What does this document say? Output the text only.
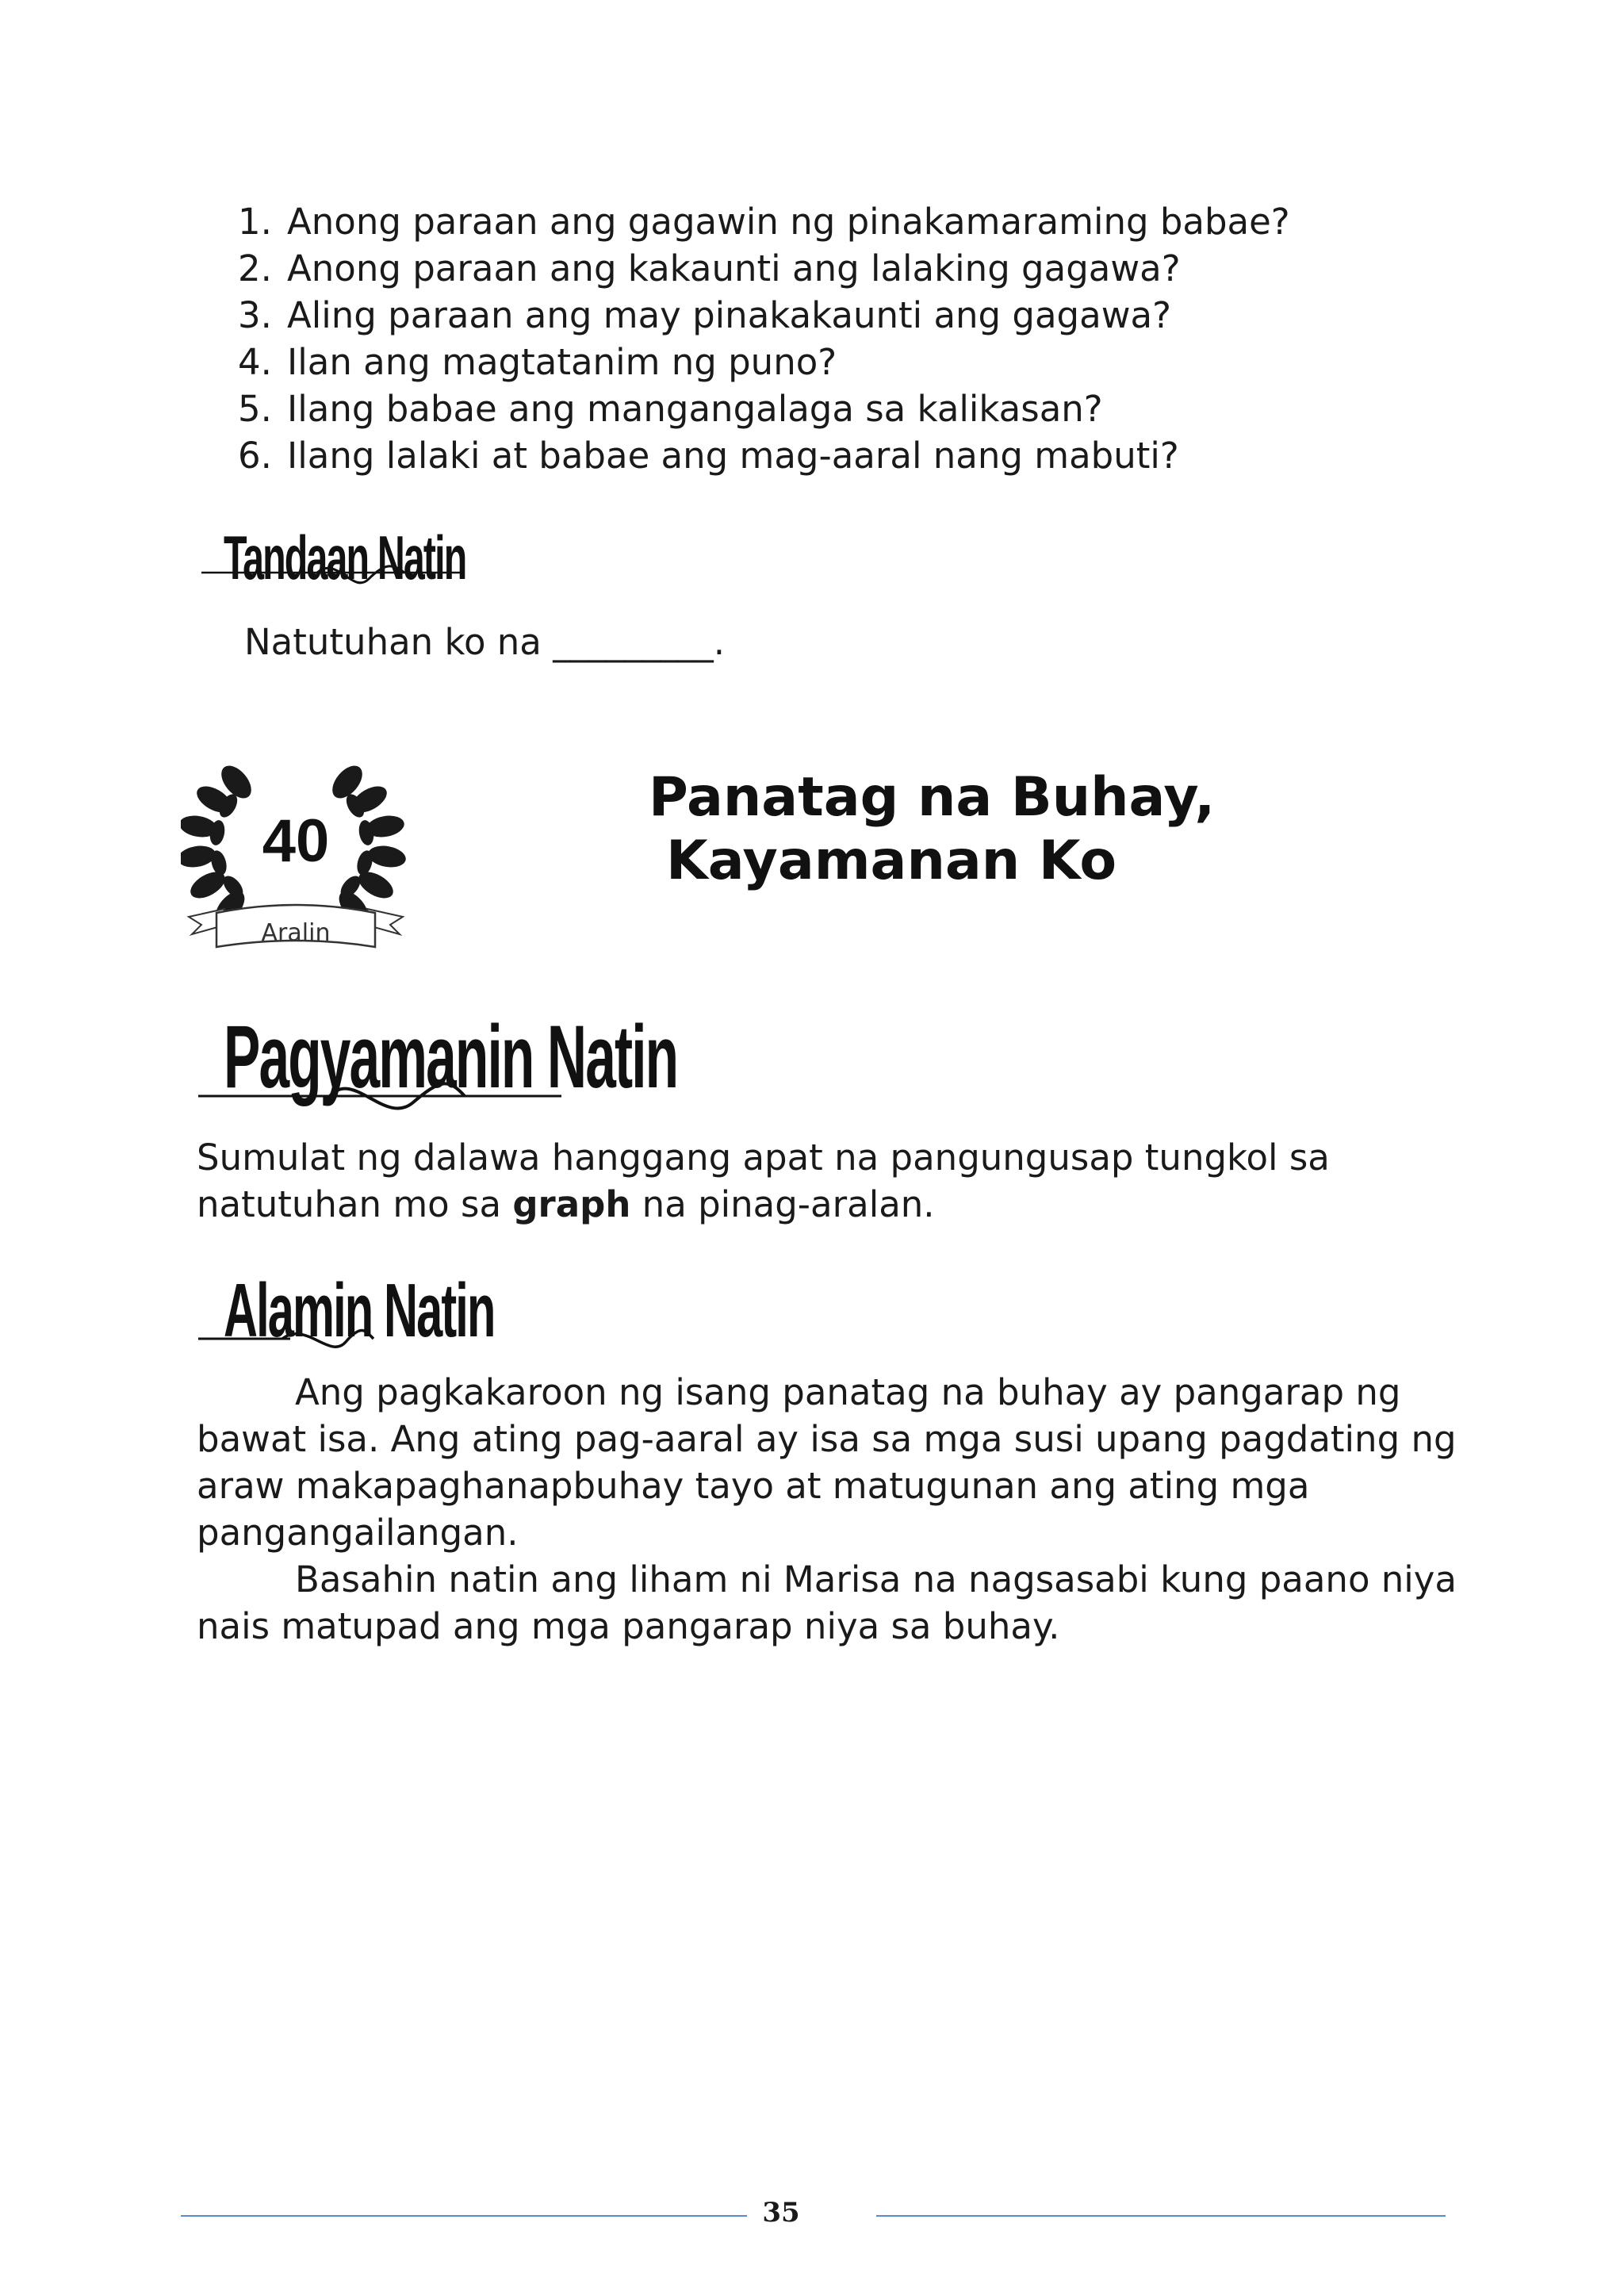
1. Anong paraan ang gagawin ng pinakamaraming babae?
2. Anong paraan ang kakaunti ang lalaking gagawa?
3. Aling paraan ang may pinakakaunti ang gagawa?
4. Ilan ang magtatanim ng puno?
5. Ilang babae ang mangangalaga sa kalikasan?
6. Ilang lalaki at babae ang mag-aaral nang mabuti?
Tandaan Natin
Natutuhan ko na _________.
40
Aralin
Panatag na Buhay,
Kayamanan Ko
Pagyamanin Natin
Sumulat ng dalawa hanggang apat na pangungusap tungkol sa natutuhan mo sa graph na pinag-aralan.
Alamin Natin
Ang pagkakaroon ng isang panatag na buhay ay pangarap ng bawat isa. Ang ating pag-aaral ay isa sa mga susi upang pagdating ng araw makapaghanapbuhay tayo at matugunan ang ating mga pangangailangan.
Basahin natin ang liham ni Marisa na nagsasabi kung paano niya nais matupad ang mga pangarap niya sa buhay.
35
